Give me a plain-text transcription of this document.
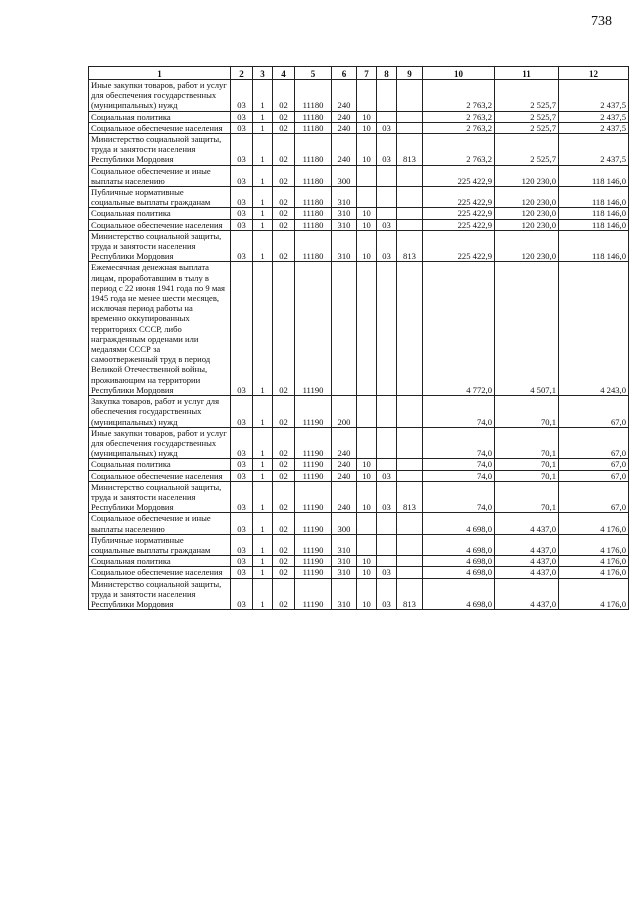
738
1	2	3	4	5	6	7	8	9	10	11	12
Иные закупки товаров, работ и услуг для обеспечения государственных (муниципальных) нужд	03	1	02	11180	240				2 763,2	2 525,7	2 437,5
Социальная политика	03	1	02	11180	240	10			2 763,2	2 525,7	2 437,5
Социальное обеспечение населения	03	1	02	11180	240	10	03		2 763,2	2 525,7	2 437,5
Министерство социальной защиты, труда и занятости населения Республики Мордовия	03	1	02	11180	240	10	03	813	2 763,2	2 525,7	2 437,5
Социальное обеспечение и иные выплаты населению	03	1	02	11180	300				225 422,9	120 230,0	118 146,0
Публичные нормативные социальные выплаты гражданам	03	1	02	11180	310				225 422,9	120 230,0	118 146,0
Социальная политика	03	1	02	11180	310	10			225 422,9	120 230,0	118 146,0
Социальное обеспечение населения	03	1	02	11180	310	10	03		225 422,9	120 230,0	118 146,0
Министерство социальной защиты, труда и занятости населения Республики Мордовия	03	1	02	11180	310	10	03	813	225 422,9	120 230,0	118 146,0
Ежемесячная денежная выплата лицам, проработавшим в тылу в период с 22 июня 1941 года по 9 мая 1945 года не менее шести месяцев, исключая период работы на временно оккупированных территориях СССР, либо награжденным орденами или медалями СССР за самоотверженный труд в период Великой Отечественной войны, проживающим на территории Республики Мордовия	03	1	02	11190					4 772,0	4 507,1	4 243,0
Закупка товаров, работ и услуг для обеспечения государственных (муниципальных) нужд	03	1	02	11190	200				74,0	70,1	67,0
Иные закупки товаров, работ и услуг для обеспечения государственных (муниципальных) нужд	03	1	02	11190	240				74,0	70,1	67,0
Социальная политика	03	1	02	11190	240	10			74,0	70,1	67,0
Социальное обеспечение населения	03	1	02	11190	240	10	03		74,0	70,1	67,0
Министерство социальной защиты, труда и занятости населения Республики Мордовия	03	1	02	11190	240	10	03	813	74,0	70,1	67,0
Социальное обеспечение и иные выплаты населению	03	1	02	11190	300				4 698,0	4 437,0	4 176,0
Публичные нормативные социальные выплаты гражданам	03	1	02	11190	310				4 698,0	4 437,0	4 176,0
Социальная политика	03	1	02	11190	310	10			4 698,0	4 437,0	4 176,0
Социальное обеспечение населения	03	1	02	11190	310	10	03		4 698,0	4 437,0	4 176,0
Министерство социальной защиты, труда и занятости населения Республики Мордовия	03	1	02	11190	310	10	03	813	4 698,0	4 437,0	4 176,0
